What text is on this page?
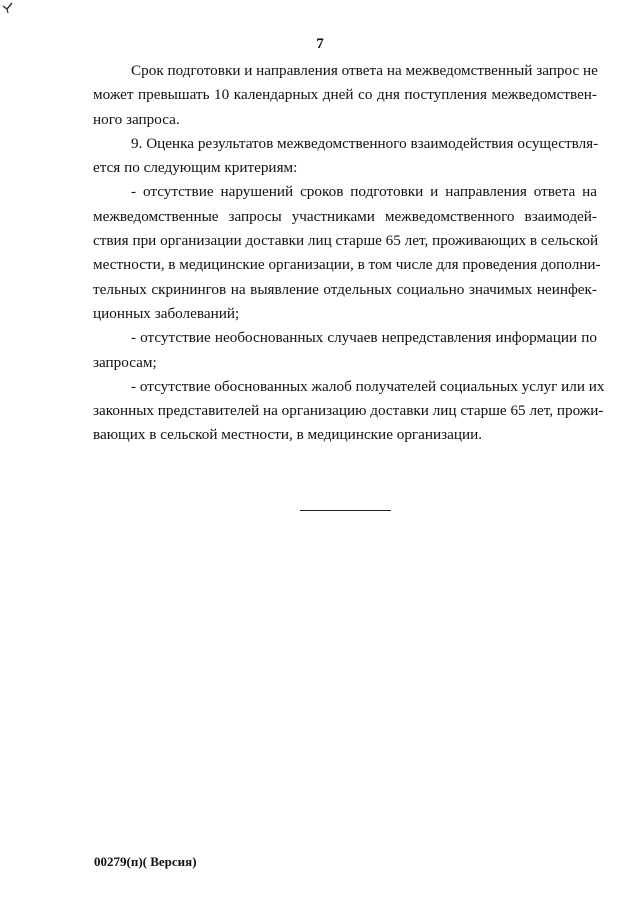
7
Срок подготовки и направления ответа на межведомственный запрос не
может превышать 10 календарных дней со дня поступления межведомствен-
ного запроса.
9. Оценка результатов межведомственного взаимодействия осуществля-
ется по следующим критериям:
- отсутствие нарушений сроков подготовки и направления ответа на
межведомственные запросы участниками межведомственного взаимодей-
ствия при организации доставки лиц старше 65 лет, проживающих в сельской
местности, в медицинские организации, в том числе для проведения дополни-
тельных скринингов на выявление отдельных социально значимых неинфек-
ционных заболеваний;
- отсутствие необоснованных случаев непредставления информации по
запросам;
- отсутствие обоснованных жалоб получателей социальных услуг или их
законных представителей на организацию доставки лиц старше 65 лет, прожи-
вающих в сельской местности, в медицинские организации.
00279(п)( Версия)
